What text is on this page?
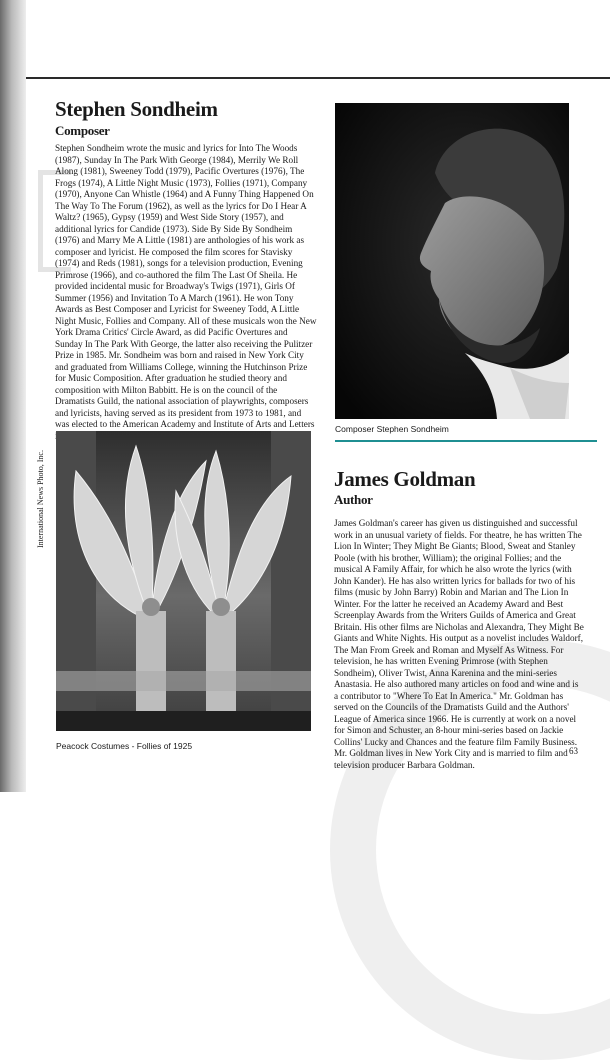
Stephen Sondheim
Composer

Stephen Sondheim wrote the music and lyrics for Into The Woods (1987), Sunday In The Park With George (1984), Merrily We Roll Along (1981), Sweeney Todd (1979), Pacific Overtures (1976), The Frogs (1974), A Little Night Music (1973), Follies (1971), Company (1970), Anyone Can Whistle (1964) and A Funny Thing Happened On The Way To The Forum (1962), as well as the lyrics for Do I Hear A Waltz? (1965), Gypsy (1959) and West Side Story (1957), and additional lyrics for Candide (1973). Side By Side By Sondheim (1976) and Marry Me A Little (1981) are anthologies of his work as composer and lyricist. He composed the film scores for Stavisky (1974) and Reds (1981), songs for a television production, Evening Primrose (1966), and co-authored the film The Last Of Sheila. He provided incidental music for Broadway's Twigs (1971), Girls Of Summer (1956) and Invitation To A March (1961). He won Tony Awards as Best Composer and Lyricist for Sweeney Todd, A Little Night Music, Follies and Company. All of these musicals won the New York Drama Critics' Circle Award, as did Pacific Overtures and Sunday In The Park With George, the latter also receiving the Pulitzer Prize in 1985. Mr. Sondheim was born and raised in New York City and graduated from Williams College, winning the Hutchinson Prize for Music Composition. After graduation he studied theory and composition with Milton Babbitt. He is on the council of the Dramatists Guild, the national association of playwrights, composers and lyricists, having served as its president from 1973 to 1981, and was elected to the American Academy and Institute of Arts and Letters Composer Stephen Sondheim

Peacock Costumes - Follies of 1925

International News Photo, Inc.	James Goldman
Author

James Goldman's career has given us distinguished and successful work in an unusual variety of fields. For theatre, he has written The Lion In Winter; They Might Be Giants; Blood, Sweat and Stanley Poole (with his brother, William); the original Follies; and the musical A Family Affair, for which he also wrote the lyrics (with John Kander). He has also written lyrics for ballads for two of his films (music by John Barry) Robin and Marian and The Lion In Winter. For the latter he received an Academy Award and Best Screenplay Awards from the Writers Guilds of America and Great Britain. His other films are Nicholas and Alexandra, They Might Be Giants and White Nights. His output as a novelist includes Waldorf, The Man From Greek and Roman and Myself As Witness. For television, he has written Evening Primrose (with Stephen Sondheim), Oliver Twist, Anna Karenina and the mini-series Anastasia. He also authored many articles on food and wine and is a contributor to "Where To Eat In America." Mr. Goldman has served on the Councils of the Dramatists Guild and the Authors' League of America since 1966. He is currently at work on a novel for Simon and Schuster, an 8-hour mini-series based on Jackie Collins' Lucky and Chances and the feature film Family Business. Mr. Goldman lives in New York City and is married to film and television producer Barbara Goldman.

63
